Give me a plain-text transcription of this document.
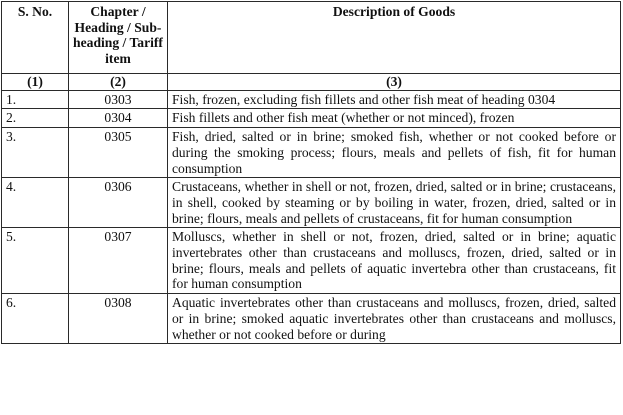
S. No.	Chapter / Heading / Sub-heading / Tariff item	Description of Goods
(1)	(2)	(3)
1.	0303	Fish, frozen, excluding fish fillets and other fish meat of heading 0304
2.	0304	Fish fillets and other fish meat (whether or not minced), frozen
3.	0305	Fish, dried, salted or in brine; smoked fish, whether or not cooked before or during the smoking process; flours, meals and pellets of fish, fit for human consumption
4.	0306	Crustaceans, whether in shell or not, frozen, dried, salted or in brine; crustaceans, in shell, cooked by steaming or by boiling in water, frozen, dried, salted or in brine; flours, meals and pellets of crustaceans, fit for human consumption
5.	0307	Molluscs, whether in shell or not, frozen, dried, salted or in brine; aquatic invertebrates other than crustaceans and molluscs, frozen, dried, salted or in brine; flours, meals and pellets of aquatic invertebra other than crustaceans, fit for human consumption
6.	0308	Aquatic invertebrates other than crustaceans and molluscs, frozen, dried, salted or in brine; smoked aquatic invertebrates other than crustaceans and molluscs, whether or not cooked before or during
